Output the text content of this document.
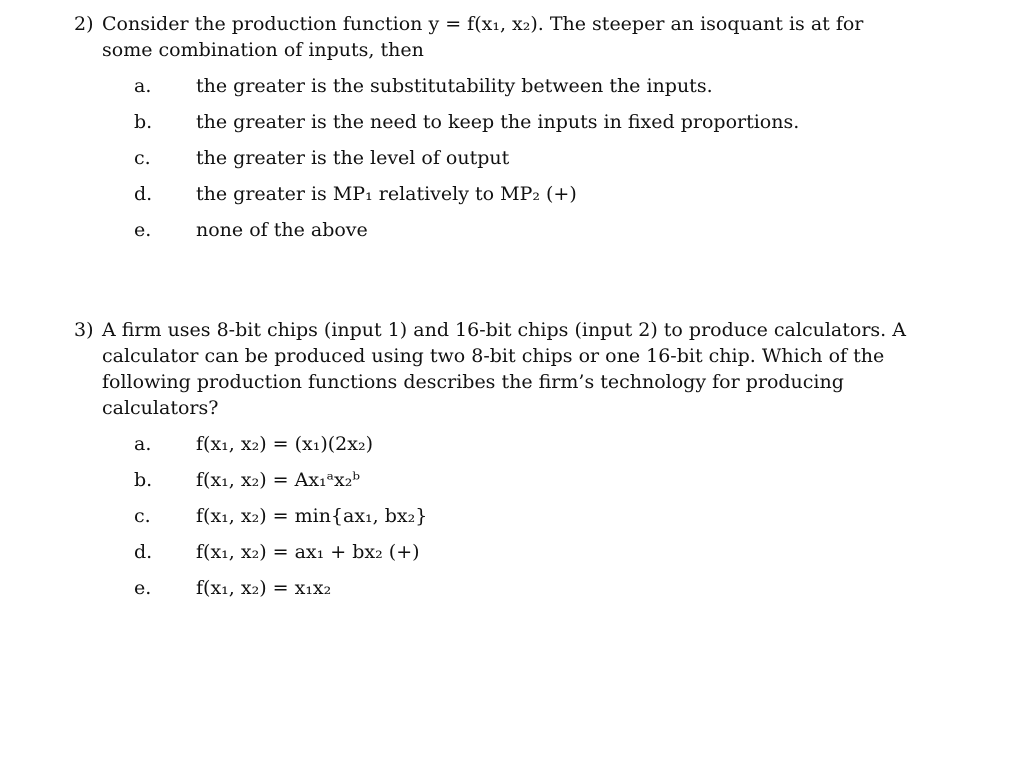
2) Consider the production function y = f(x₁, x₂). The steeper an isoquant is at for some combination of inputs, then
a. the greater is the substitutability between the inputs.
b. the greater is the need to keep the inputs in fixed proportions.
c. the greater is the level of output
d. the greater is MP₁ relatively to MP₂ (+)
e. none of the above
3) A firm uses 8-bit chips (input 1) and 16-bit chips (input 2) to produce calculators. A calculator can be produced using two 8-bit chips or one 16-bit chip. Which of the following production functions describes the firm’s technology for producing calculators?
a. f(x₁, x₂) = (x₁)(2x₂)
b. f(x₁, x₂) = Ax₁ᵃx₂ᵇ
c. f(x₁, x₂) = min{ax₁, bx₂}
d. f(x₁, x₂) = ax₁ + bx₂ (+)
e. f(x₁, x₂) = x₁x₂
